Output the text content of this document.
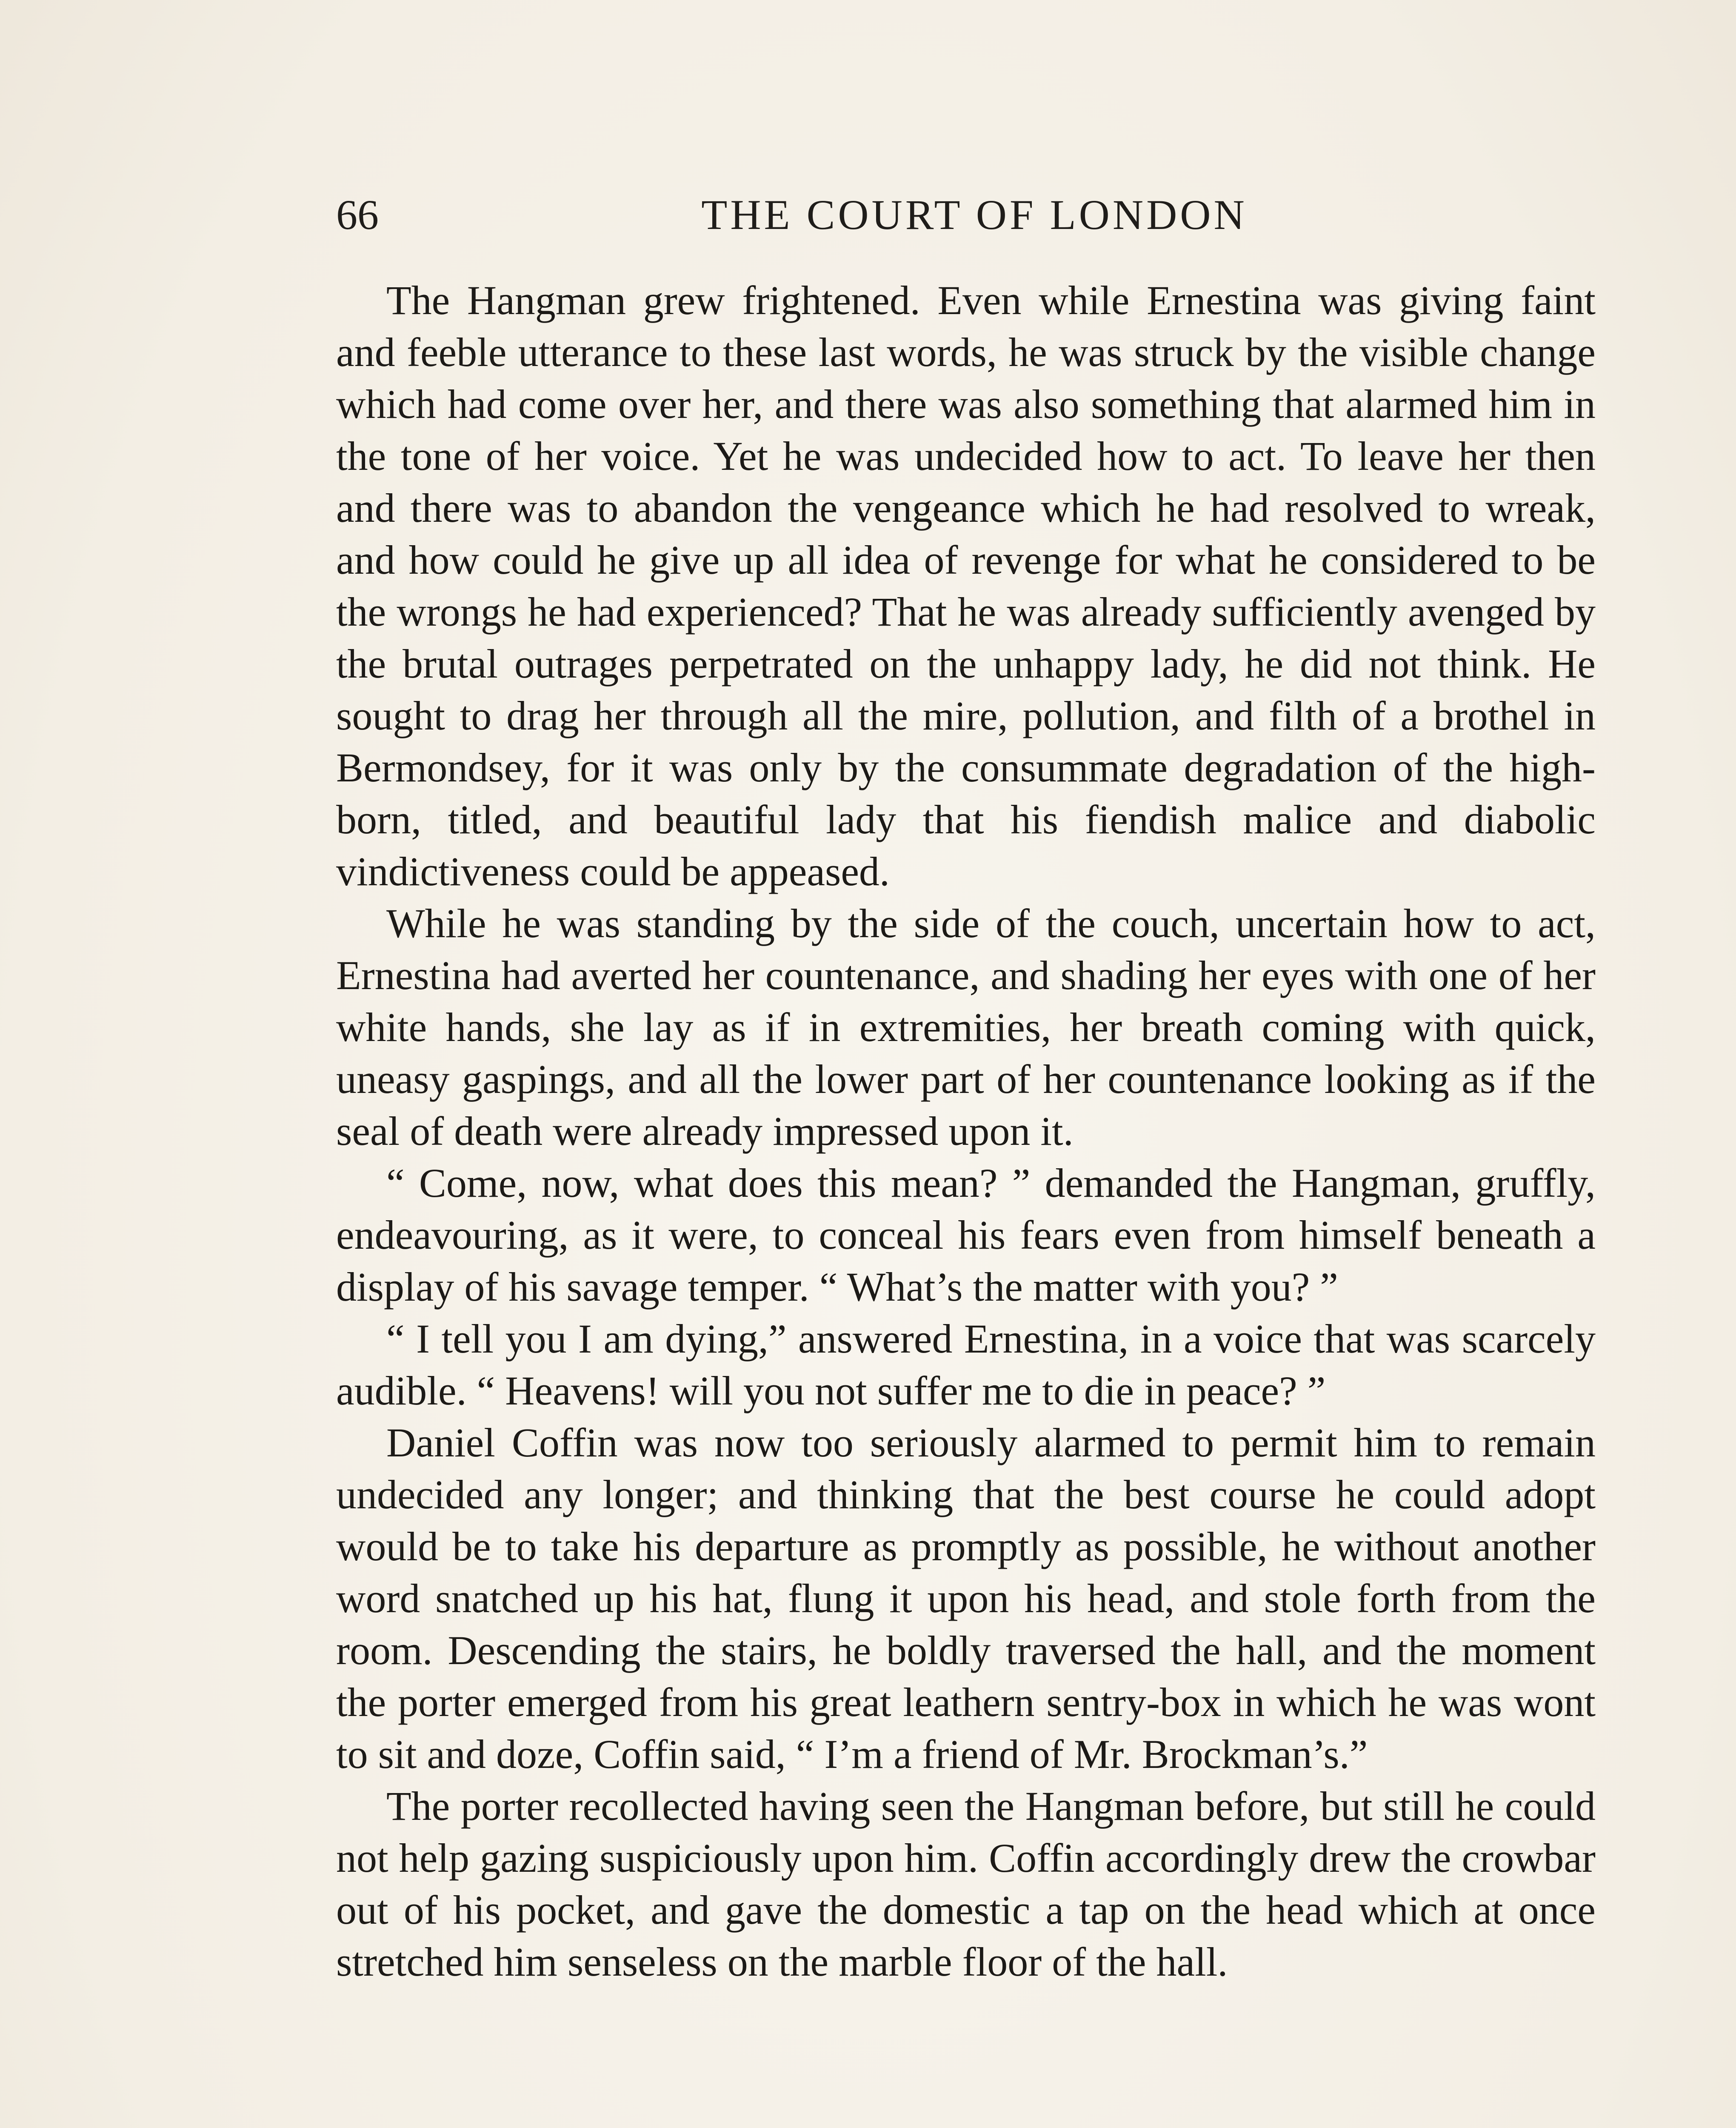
66	THE COURT OF LONDON

The Hangman grew frightened. Even while Ernestina was giving faint and feeble utterance to these last words, he was struck by the visible change which had come over her, and there was also something that alarmed him in the tone of her voice. Yet he was undecided how to act. To leave her then and there was to abandon the vengeance which he had resolved to wreak, and how could he give up all idea of revenge for what he considered to be the wrongs he had experienced? That he was already sufficiently avenged by the brutal outrages perpetrated on the unhappy lady, he did not think. He sought to drag her through all the mire, pollution, and filth of a brothel in Bermondsey, for it was only by the consummate degradation of the high-born, titled, and beautiful lady that his fiendish malice and diabolic vindictiveness could be appeased.

While he was standing by the side of the couch, uncertain how to act, Ernestina had averted her countenance, and shading her eyes with one of her white hands, she lay as if in extremities, her breath coming with quick, uneasy gaspings, and all the lower part of her countenance looking as if the seal of death were already impressed upon it.

“ Come, now, what does this mean? ” demanded the Hangman, gruffly, endeavouring, as it were, to conceal his fears even from himself beneath a display of his savage temper. “ What’s the matter with you? ”

“ I tell you I am dying,” answered Ernestina, in a voice that was scarcely audible. “ Heavens! will you not suffer me to die in peace? ”

Daniel Coffin was now too seriously alarmed to permit him to remain undecided any longer; and thinking that the best course he could adopt would be to take his departure as promptly as possible, he without another word snatched up his hat, flung it upon his head, and stole forth from the room. Descending the stairs, he boldly traversed the hall, and the moment the porter emerged from his great leathern sentry-box in which he was wont to sit and doze, Coffin said, “ I’m a friend of Mr. Brockman’s.”

The porter recollected having seen the Hangman before, but still he could not help gazing suspiciously upon him. Coffin accordingly drew the crowbar out of his pocket, and gave the domestic a tap on the head which at once stretched him senseless on the marble floor of the hall.
